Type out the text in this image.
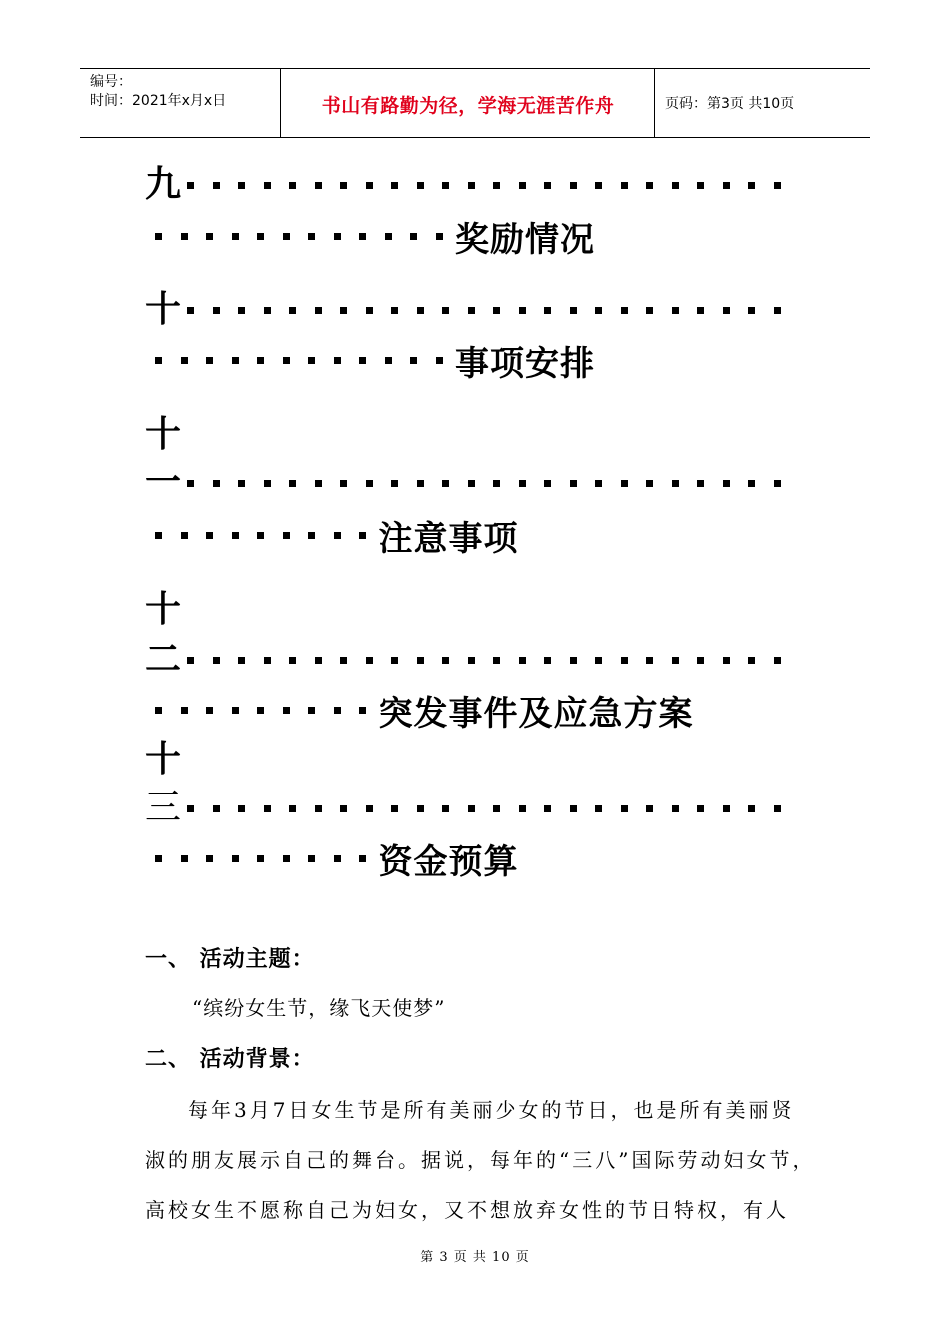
编号：
时间：2021年x月x日	书山有路勤为径，学海无涯苦作舟	页码：第3页 共10页
九
奖励情况
十
事项安排
十
一
注意事项
十
二
突发事件及应急方案
十
三
资金预算
一、 活动主题：
“缤纷女生节，缘飞天使梦”
二、 活动背景：
每年3月7日女生节是所有美丽少女的节日，也是所有美丽贤
淑的朋友展示自己的舞台。据说，每年的“三八”国际劳动妇女节，
高校女生不愿称自己为妇女，又不想放弃女性的节日特权，有人
第 3 页 共 10 页
